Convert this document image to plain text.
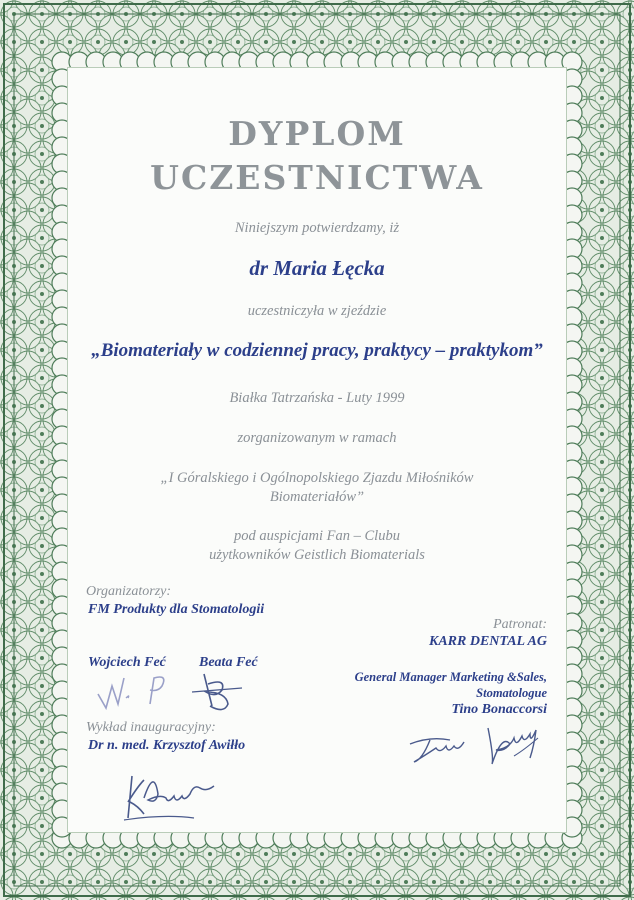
DYPLOM
UCZESTNICTWA
Niniejszym potwierdzamy, iż
dr Maria Łęcka
uczestniczyła w zjeździe
„Biomateriały w codziennej pracy, praktycy – praktykom”
Białka Tatrzańska - Luty 1999
zorganizowanym w ramach
„I Góralskiego i Ogólnopolskiego Zjazdu Miłośników
Biomateriałów”
pod auspicjami Fan – Clubu
użytkowników Geistlich Biomaterials
Organizatorzy:
FM Produkty dla Stomatologii
Wojciech Feć Beata Feć
Patronat:
KARR DENTAL AG
General Manager Marketing &Sales,
Stomatologue
Tino Bonaccorsi
Wykład inauguracyjny:
Dr n. med. Krzysztof Awiłło
